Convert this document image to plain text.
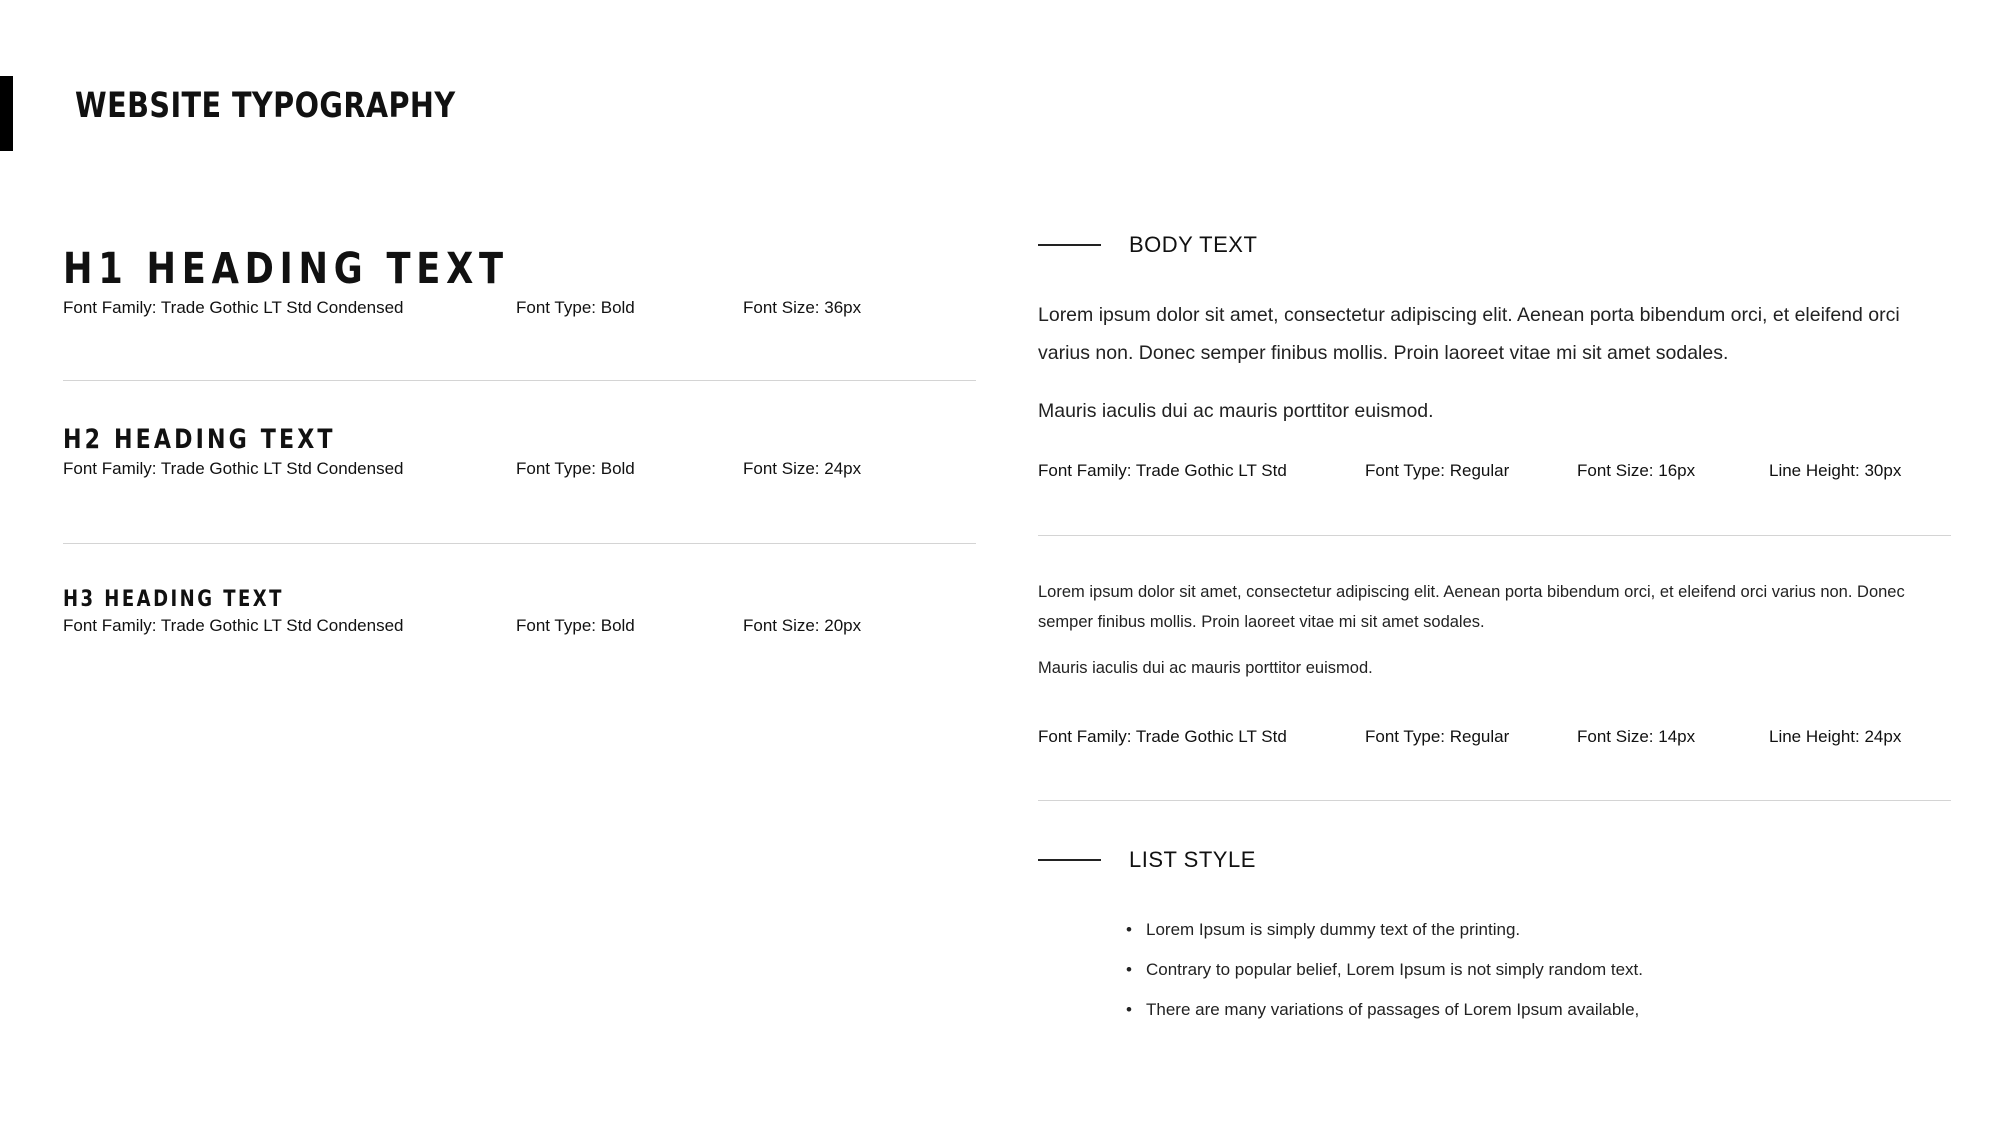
WEBSITE TYPOGRAPHY
H1 HEADING TEXT
Font Family: Trade Gothic LT Std Condensed	Font Type: Bold	Font Size: 36px
H2 HEADING TEXT
Font Family: Trade Gothic LT Std Condensed	Font Type: Bold	Font Size: 24px
H3 HEADING TEXT
Font Family: Trade Gothic LT Std Condensed	Font Type: Bold	Font Size: 20px
BODY TEXT

Lorem ipsum dolor sit amet, consectetur adipiscing elit. Aenean porta bibendum orci, et eleifend orci varius non. Donec semper finibus mollis. Proin laoreet vitae mi sit amet sodales.

Mauris iaculis dui ac mauris porttitor euismod.

Font Family: Trade Gothic LT Std	Font Type: Regular	Font Size: 16px	Line Height: 30px

Lorem ipsum dolor sit amet, consectetur adipiscing elit. Aenean porta bibendum orci, et eleifend orci varius non. Donec semper finibus mollis. Proin laoreet vitae mi sit amet sodales.

Mauris iaculis dui ac mauris porttitor euismod.

Font Family: Trade Gothic LT Std	Font Type: Regular	Font Size: 14px	Line Height: 24px
LIST STYLE
• Lorem Ipsum is simply dummy text of the printing.
• Contrary to popular belief, Lorem Ipsum is not simply random text.
• There are many variations of passages of Lorem Ipsum available,
